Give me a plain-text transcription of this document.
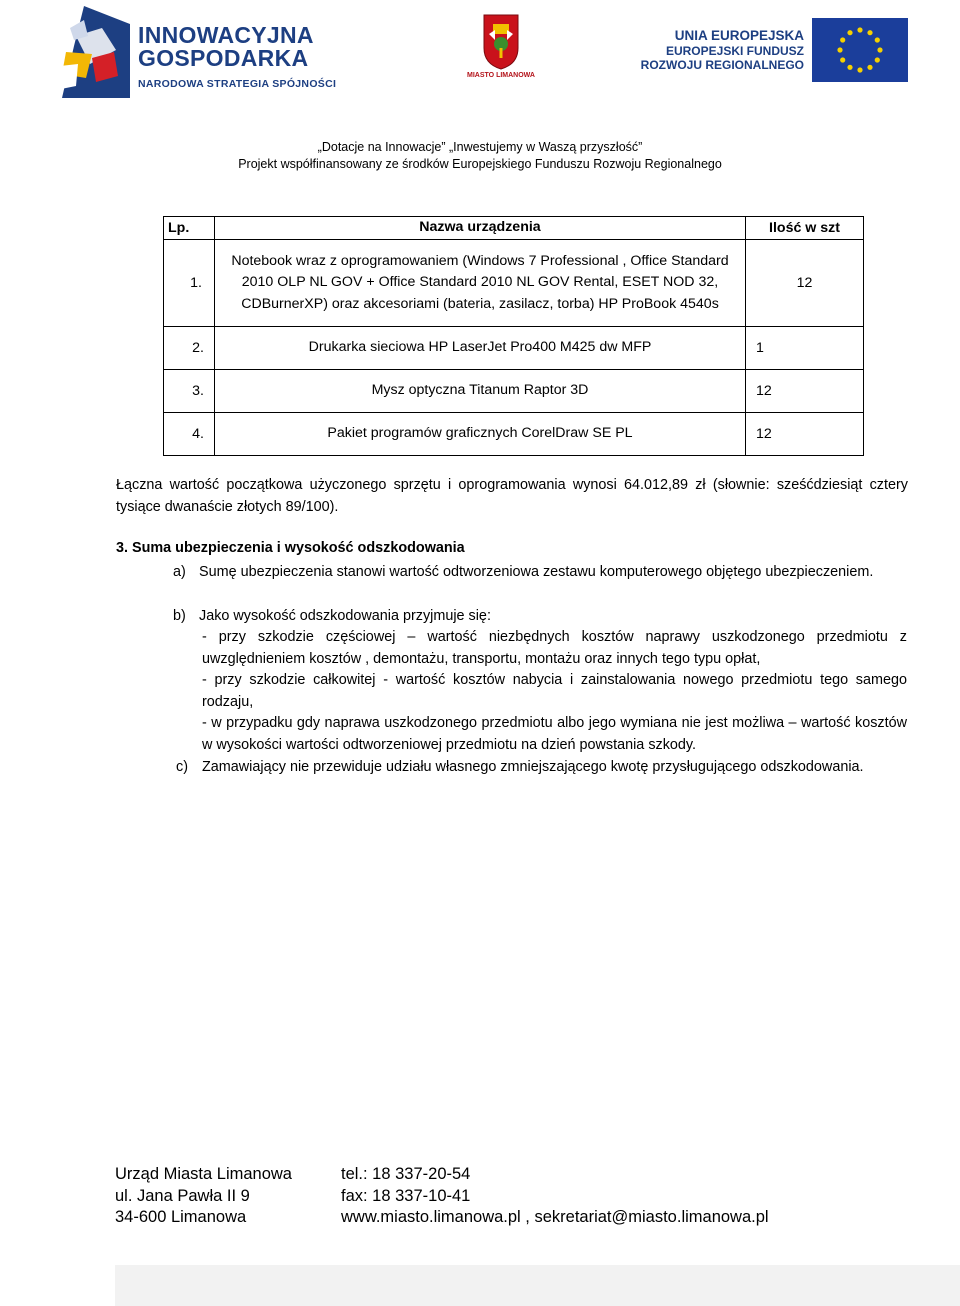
INNOWACYJNA
GOSPODARKA
NARODOWA STRATEGIA SPÓJNOŚCI
MIASTO LIMANOWA
UNIA EUROPEJSKA
EUROPEJSKI FUNDUSZ
ROZWOJU REGIONALNEGO
„Dotacje na Innowacje” „Inwestujemy w Waszą przyszłość”
Projekt współfinansowany ze środków Europejskiego Funduszu Rozwoju Regionalnego
Lp.	Nazwa urządzenia	Ilość w szt
1.	Notebook wraz z oprogramowaniem (Windows 7 Professional , Office Standard 2010 OLP NL GOV + Office Standard 2010 NL GOV Rental, ESET NOD 32, CDBurnerXP) oraz akcesoriami (bateria, zasilacz, torba) HP ProBook 4540s	12
2.	Drukarka sieciowa HP LaserJet Pro400 M425 dw MFP	1
3.	Mysz optyczna Titanum Raptor 3D	12
4.	Pakiet programów graficznych CorelDraw SE PL	12
Łączna wartość początkowa użyczonego sprzętu i oprogramowania wynosi 64.012,89 zł (słownie: sześćdziesiąt cztery tysiące dwanaście złotych 89/100).
3. Suma ubezpieczenia i wysokość odszkodowania
a) Sumę ubezpieczenia stanowi wartość odtworzeniowa zestawu komputerowego objętego ubezpieczeniem.
b) Jako wysokość odszkodowania przyjmuje się:
- przy szkodzie częściowej – wartość niezbędnych kosztów naprawy uszkodzonego przedmiotu z uwzględnieniem kosztów , demontażu, transportu, montażu oraz innych tego typu opłat,
- przy szkodzie całkowitej - wartość kosztów nabycia i zainstalowania nowego przedmiotu tego samego rodzaju,
- w przypadku gdy naprawa uszkodzonego przedmiotu albo jego wymiana nie jest możliwa – wartość kosztów w wysokości wartości odtworzeniowej przedmiotu na dzień powstania szkody.
c) Zamawiający nie przewiduje udziału własnego zmniejszającego kwotę przysługującego odszkodowania.
Urząd Miasta Limanowa
ul. Jana Pawła II 9
34-600 Limanowa
tel.: 18 337-20-54
fax: 18 337-10-41
www.miasto.limanowa.pl , sekretariat@miasto.limanowa.pl
